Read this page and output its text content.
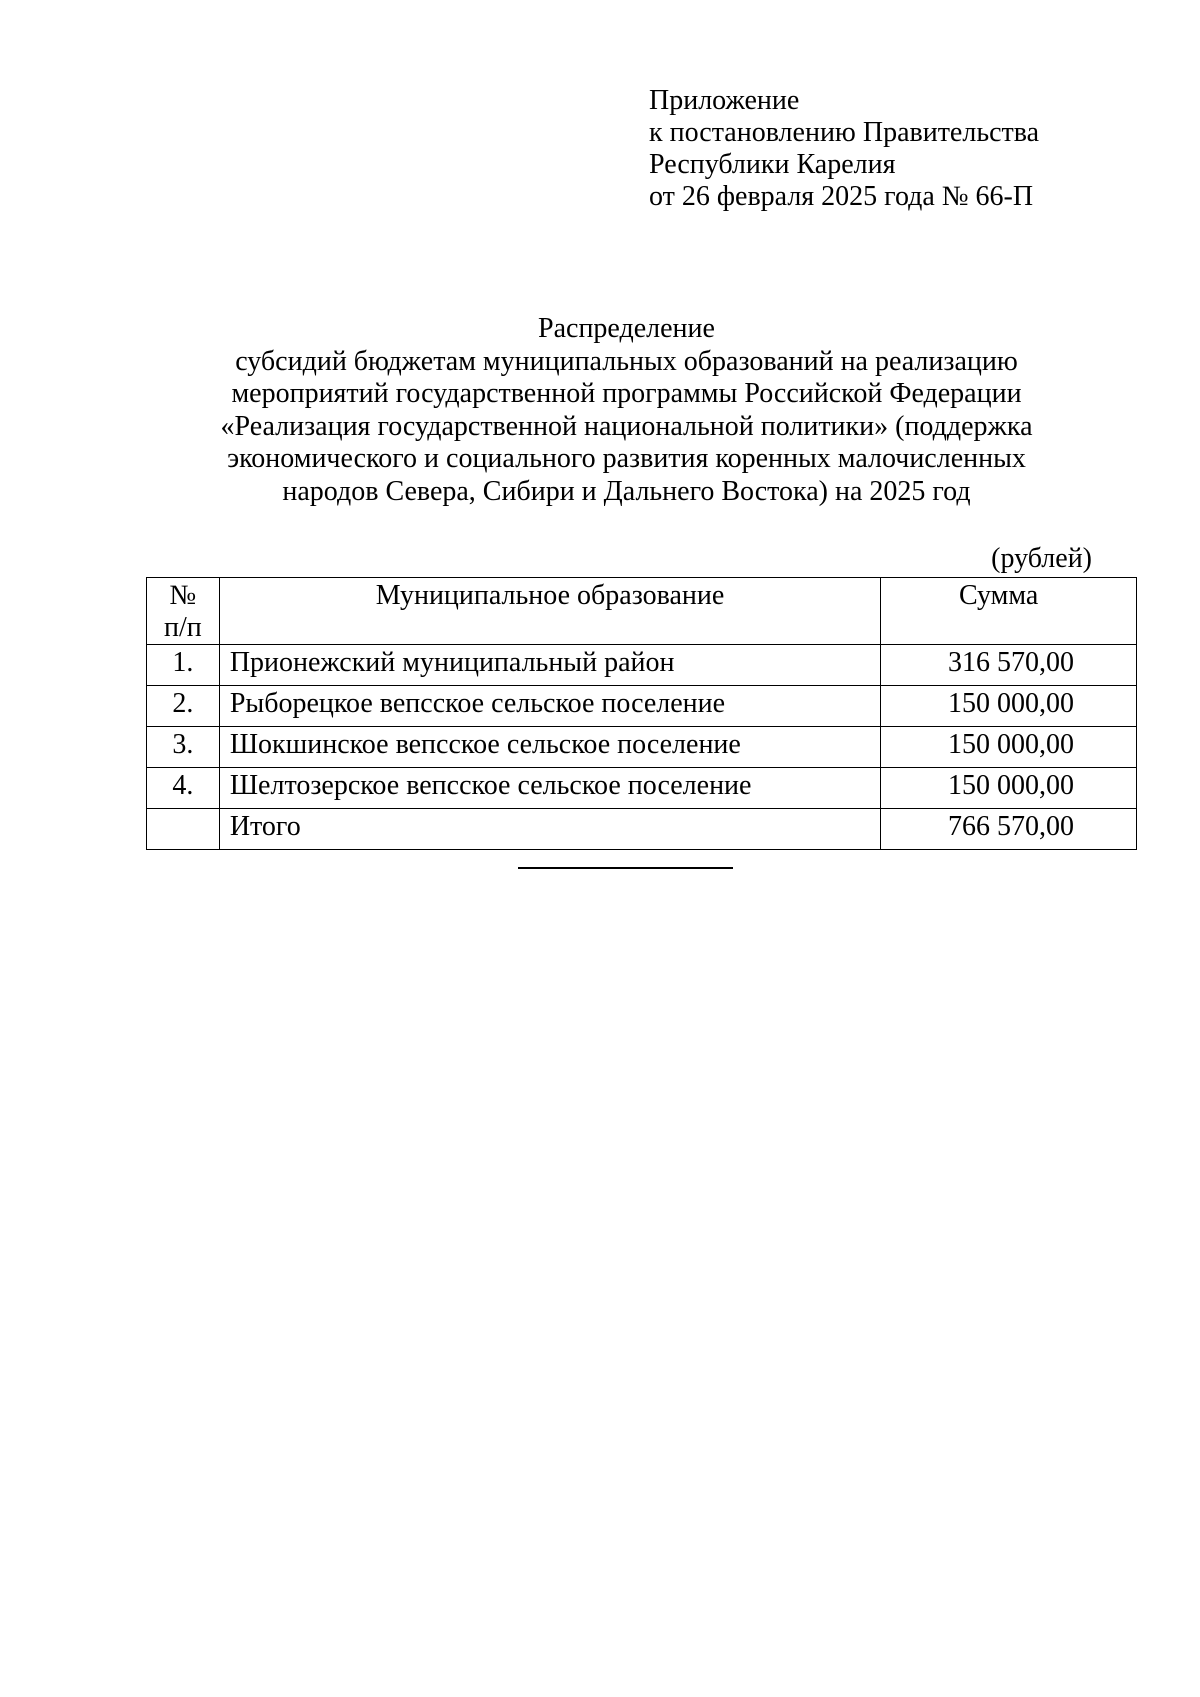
Приложение
к постановлению Правительства
Республики Карелия
от 26 февраля 2025 года № 66-П
Распределение
субсидий бюджетам муниципальных образований на реализацию
мероприятий государственной программы Российской Федерации
«Реализация государственной национальной политики» (поддержка
экономического и социального развития коренных малочисленных
народов Севера, Сибири и Дальнего Востока) на 2025 год
(рублей)
№
п/п	Муниципальное образование	Сумма
1.	Прионежский муниципальный район	316 570,00
2.	Рыборецкое вепсское сельское поселение	150 000,00
3.	Шокшинское вепсское сельское поселение	150 000,00
4.	Шелтозерское вепсское сельское поселение	150 000,00
	Итого	766 570,00
